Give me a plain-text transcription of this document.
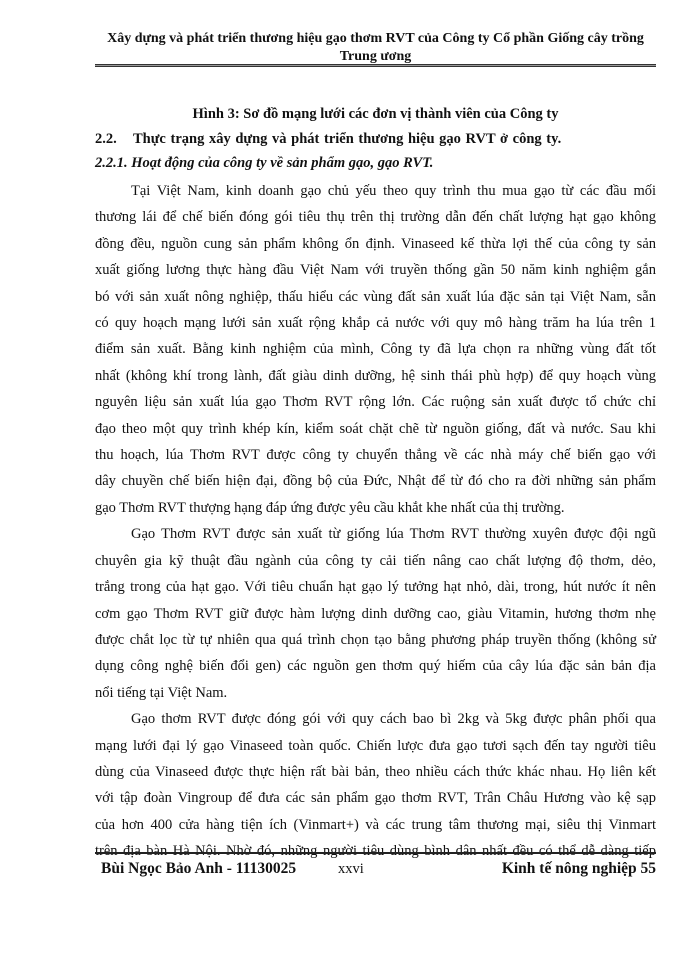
Xây dựng và phát triển thương hiệu gạo thơm RVT của Công ty Cổ phần Giống cây trồng
Trung ương
Hình 3: Sơ đồ mạng lưới các đơn vị thành viên của Công ty
2.2. Thực trạng xây dựng và phát triển thương hiệu gạo RVT ở công ty.
2.2.1. Hoạt động của công ty về sản phẩm gạo, gạo RVT.

Tại Việt Nam, kinh doanh gạo chủ yếu theo quy trình thu mua gạo từ các đầu mối
thương lái để chế biến đóng gói tiêu thụ trên thị trường dẫn đến chất lượng hạt gạo không
đồng đều, nguồn cung sản phẩm không ổn định. Vinaseed kế thừa lợi thế của công ty sản
xuất giống lương thực hàng đầu Việt Nam với truyền thống gần 50 năm kinh nghiệm gắn
bó với sản xuất nông nghiệp, thấu hiểu các vùng đất sản xuất lúa đặc sản tại Việt Nam, sẵn
có quy hoạch mạng lưới sản xuất rộng khắp cả nước với quy mô hàng trăm ha lúa trên 1
điểm sản xuất. Bằng kinh nghiệm của mình, Công ty đã lựa chọn ra những vùng đất tốt
nhất (không khí trong lành, đất giàu dinh dưỡng, hệ sinh thái phù hợp) để quy hoạch vùng
nguyên liệu sản xuất lúa gạo Thơm RVT rộng lớn. Các ruộng sản xuất được tổ chức chỉ
đạo theo một quy trình khép kín, kiểm soát chặt chẽ từ nguồn giống, đất và nước. Sau khi
thu hoạch, lúa Thơm RVT được công ty chuyển thẳng về các nhà máy chế biến gạo với
dây chuyền chế biến hiện đại, đồng bộ của Đức, Nhật để từ đó cho ra đời những sản phẩm
gạo Thơm RVT thượng hạng đáp ứng được yêu cầu khắt khe nhất của thị trường.

Gạo Thơm RVT được sản xuất từ giống lúa Thơm RVT thường xuyên được đội ngũ
chuyên gia kỹ thuật đầu ngành của công ty cải tiến nâng cao chất lượng độ thơm, dẻo,
trắng trong của hạt gạo. Với tiêu chuẩn hạt gạo lý tưởng hạt nhỏ, dài, trong, hút nước ít nên
cơm gạo Thơm RVT giữ được hàm lượng dinh dưỡng cao, giàu Vitamin, hương thơm nhẹ
được chắt lọc từ tự nhiên qua quá trình chọn tạo bằng phương pháp truyền thống (không sử
dụng công nghệ biến đổi gen) các nguồn gen thơm quý hiếm của cây lúa đặc sản bản địa
nổi tiếng tại Việt Nam.

Gạo thơm RVT được đóng gói với quy cách bao bì 2kg và 5kg được phân phối qua
mạng lưới đại lý gạo Vinaseed toàn quốc. Chiến lược đưa gạo tươi sạch đến tay người tiêu
dùng của Vinaseed được thực hiện rất bài bản, theo nhiều cách thức khác nhau. Họ liên kết
với tập đoàn Vingroup để đưa các sản phẩm gạo thơm RVT, Trân Châu Hương vào kệ sạp
của hơn 400 cửa hàng tiện ích (Vinmart+) và các trung tâm thương mại, siêu thị Vinmart

Bùi Ngọc Bảo Anh - 11130025	xxvi	Kinh tế nông nghiệp 55
